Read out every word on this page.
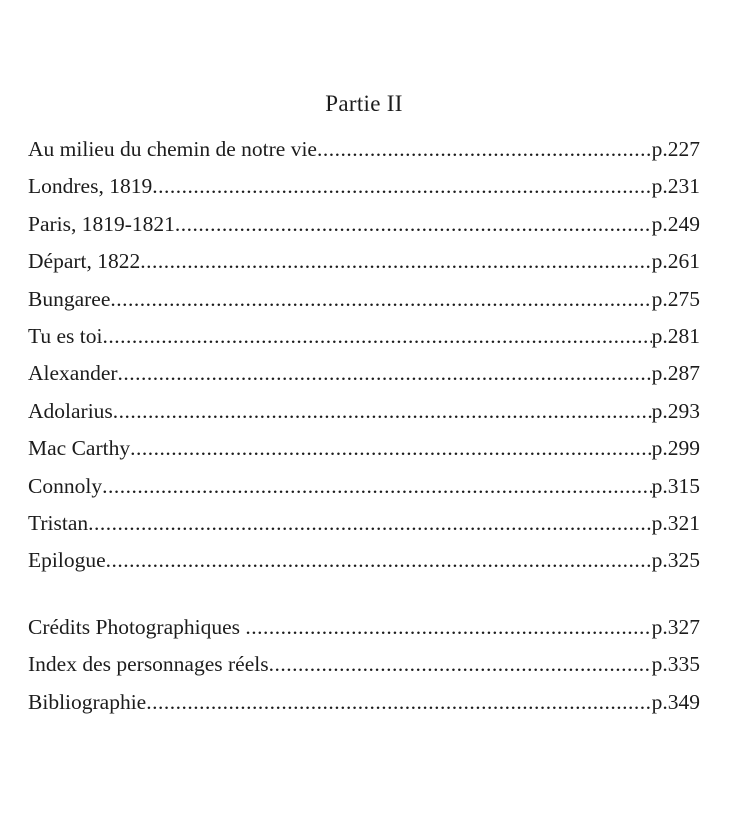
Partie II
Au milieu du chemin de notre vie .....	p.227
Londres, 1819 .....	p.231
Paris, 1819-1821 .....	p.249
Départ, 1822 .....	p.261
Bungaree .....	p.275
Tu es toi .....	p.281
Alexander .....	p.287
Adolarius .....	p.293
Mac Carthy .....	p.299
Connoly .....	p.315
Tristan .....	p.321
Epilogue .....	p.325
Crédits Photographiques .....	p.327
Index des personnages réels .....	p.335
Bibliographie .....	p.349
